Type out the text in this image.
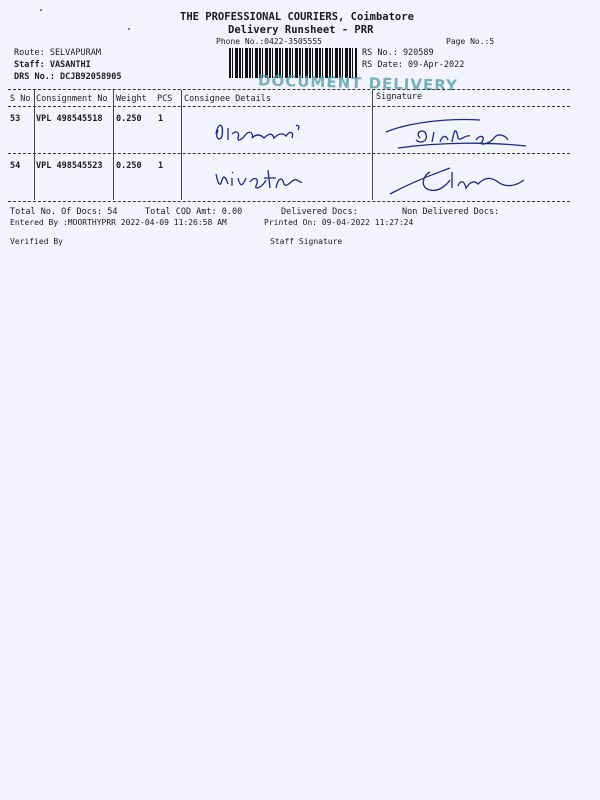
THE PROFESSIONAL COURIERS, Coimbatore
Delivery Runsheet - PRR
Phone No.:0422-3505555	Page No.:5
Route: SELVAPURAM
Staff: VASANTHI
DRS No.: DCJB92058905
RS No.: 920589
RS Date: 09-Apr-2022
DOCUMENT DELIVERY
S No Consignment No Weight PCS Consignee Details	Signature
53 VPL 498545518 0.250 1
54 VPL 498545523 0.250 1
Total No. Of Docs: 54	Total COD Amt: 0.00	Delivered Docs:	Non Delivered Docs:
Entered By :MOORTHYPRR 2022-04-09 11:26:58 AM	Printed On: 09-04-2022 11:27:24
Verified By	Staff Signature
